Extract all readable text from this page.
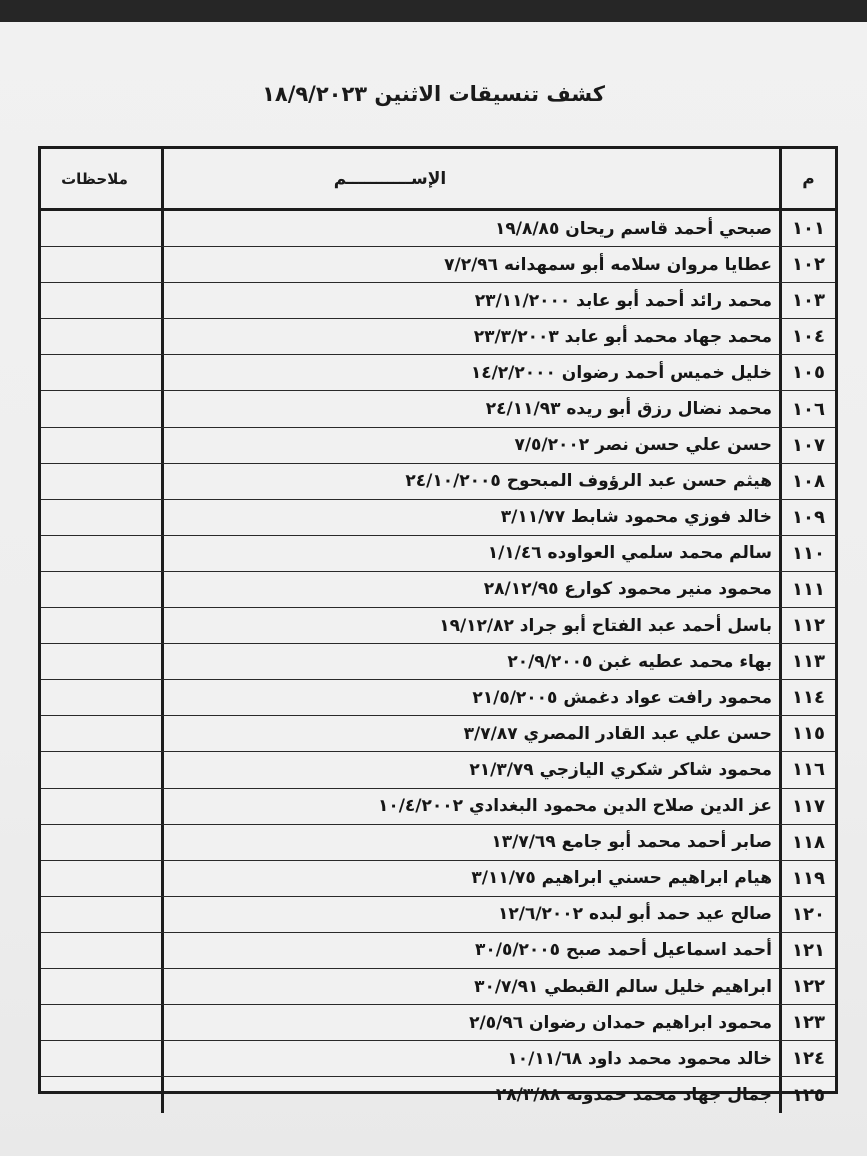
كشف تنسيقات الاثنين ١٨/٩/٢٠٢٣
م
الإســـــــــــم
ملاحظات
١٠١
صبحي أحمد قاسم ريحان ١٩/٨/٨٥
١٠٢
عطايا مروان سلامه أبو سمهدانه ٧/٢/٩٦
١٠٣
محمد رائد أحمد أبو عابد ٢٣/١١/٢٠٠٠
١٠٤
محمد جهاد محمد أبو عابد ٢٣/٣/٢٠٠٣
١٠٥
خليل خميس أحمد رضوان ١٤/٢/٢٠٠٠
١٠٦
محمد نضال رزق أبو ريده ٢٤/١١/٩٣
١٠٧
حسن علي حسن نصر ٧/٥/٢٠٠٢
١٠٨
هيثم حسن عبد الرؤوف المبحوح ٢٤/١٠/٢٠٠٥
١٠٩
خالد فوزي محمود شابط ٣/١١/٧٧
١١٠
سالم محمد سلمي العواوده ١/١/٤٦
١١١
محمود منير محمود كوارع ٢٨/١٢/٩٥
١١٢
باسل أحمد عبد الفتاح أبو جراد ١٩/١٢/٨٢
١١٣
بهاء محمد عطيه غبن ٢٠/٩/٢٠٠٥
١١٤
محمود رافت عواد دغمش ٢١/٥/٢٠٠٥
١١٥
حسن علي عبد القادر المصري ٣/٧/٨٧
١١٦
محمود شاكر شكري اليازجي ٢١/٣/٧٩
١١٧
عز الدين صلاح الدين محمود البغدادي ١٠/٤/٢٠٠٢
١١٨
صابر أحمد محمد أبو جامع ١٣/٧/٦٩
١١٩
هيام ابراهيم حسني ابراهيم ٣/١١/٧٥
١٢٠
صالح عيد حمد أبو لبده ١٢/٦/٢٠٠٢
١٢١
أحمد اسماعيل أحمد صبح ٣٠/٥/٢٠٠٥
١٢٢
ابراهيم خليل سالم القبطي ٣٠/٧/٩١
١٢٣
محمود ابراهيم حمدان رضوان ٢/٥/٩٦
١٢٤
خالد محمود محمد داود ١٠/١١/٦٨
١٢٥
جمال جهاد محمد حمدونه ٢٨/٣/٨٨
